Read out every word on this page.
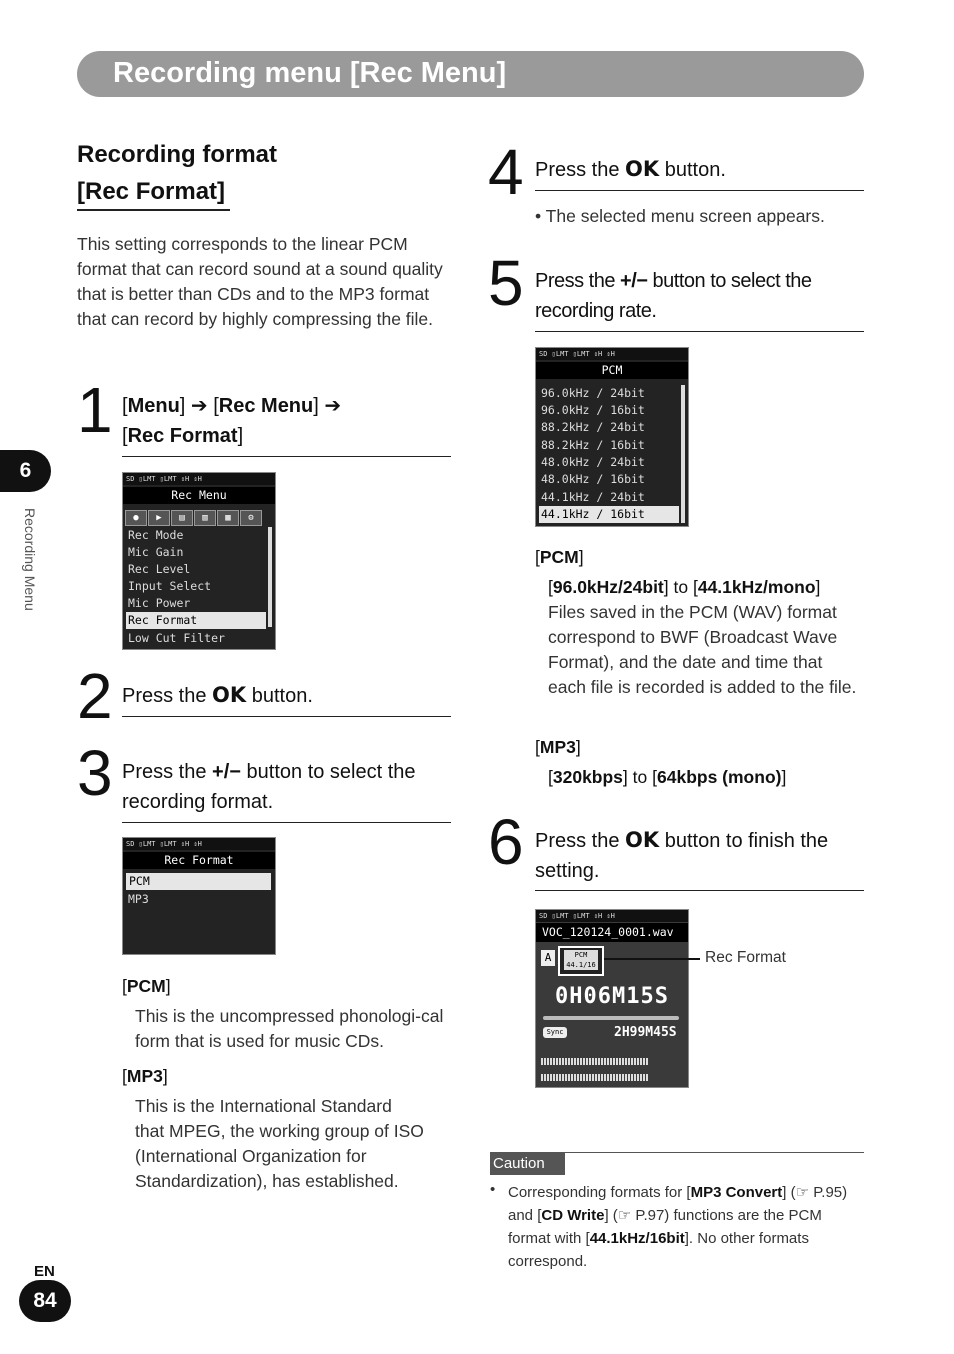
Recording menu [Rec Menu]
6
Recording Menu
Recording format
[Rec Format]
This setting corresponds to the linear PCM format that can record sound at a sound quality that is better than CDs and to the MP3 format that can record by highly compressing the file.
1 [Menu] ➔ [Rec Menu] ➔
[Rec Format]
SD ▯LMT ▯LMT ⇕H ⇕H
Rec Menu
● ▶ ▤ ▥ ▦ ⚙
Rec Mode
Mic Gain
Rec Level
Input Select
Mic Power
Rec Format
Low Cut Filter
2 Press the OK button.
3 Press the +/− button to select the
recording format.
SD ▯LMT ▯LMT ⇕H ⇕H
Rec Format
PCM
MP3
[PCM]
This is the uncompressed phonologi-cal form that is used for music CDs.
[MP3]
This is the International Standard that MPEG, the working group of ISO (International Organization for Standardization), has established.
4 Press the OK button.
• The selected menu screen appears.
5 Press the +/− button to select the
recording rate.
SD ▯LMT ▯LMT ⇕H ⇕H
PCM
96.0kHz / 24bit
96.0kHz / 16bit
88.2kHz / 24bit
88.2kHz / 16bit
48.0kHz / 24bit
48.0kHz / 16bit
44.1kHz / 24bit
44.1kHz / 16bit
[PCM]
[96.0kHz/24bit] to [44.1kHz/mono]
Files saved in the PCM (WAV) format correspond to BWF (Broadcast Wave Format), and the date and time that each file is recorded is added to the file.
[MP3]
[320kbps] to [64kbps (mono)]
6 Press the OK button to finish the
setting.
SD ▯LMT ▯LMT ⇕H ⇕H
VOC_120124_0001.wav
A	PCM
44.1/16
0H06M15S
Sync	2H99M45S
Rec Format
Caution
• Corresponding formats for [MP3 Convert] (☞ P.95) and [CD Write] (☞ P.97) functions are the PCM format with [44.1kHz/16bit]. No other formats correspond.
EN
84
